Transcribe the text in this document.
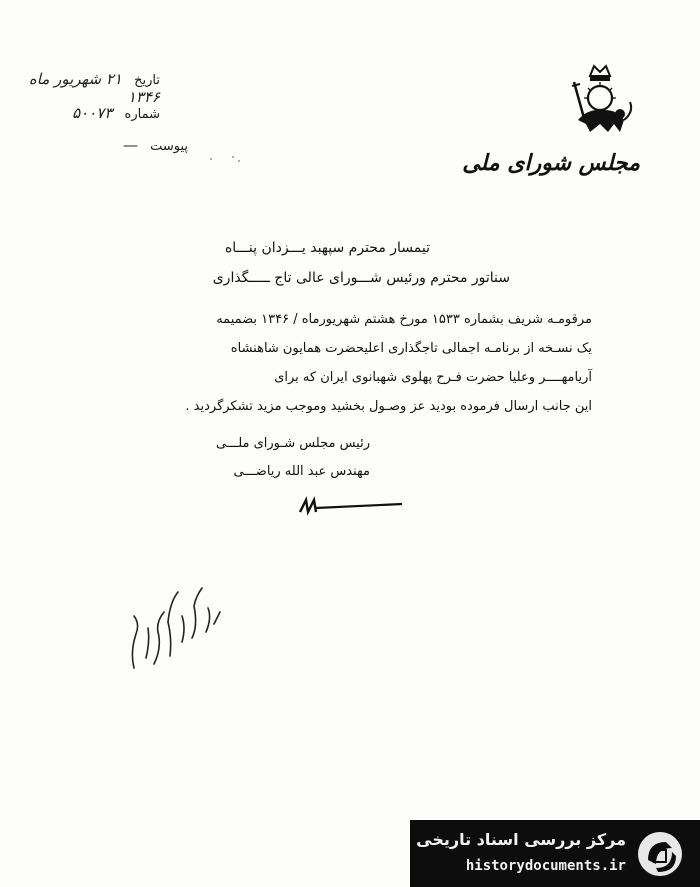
تاریخ ۲۱ شهریور ماه ۱۳۴۶
شماره ۵۰۰۷۳
پیوست —
مجلس شورای ملی
تیمسار محترم سپهبد یـــزدان پنـــاه
سناتور محترم ورئیس شـــورای عالی تاج ـــــگذاری
مرقومـه شریف بشماره ۱۵۳۳ مورخ هشتم شهریورماه / ۱۳۴۶ بضمیمه
یک نسـخه از برنامـه اجمالی تاجگذاری اعلیحضرت همایون شاهنشاه
آریامهــــر وعلیا حضرت فـرح پهلوی شهبانوی ایران که برای
این جانب ارسال فرموده بودید عز وصـول بخشید وموجب مزید تشکرگردید .
رئیس مجلس شـورای ملـــی
مهندس عبد الله ریاضـــی
مرکز بررسی اسناد تاریخی
historydocuments.ir
